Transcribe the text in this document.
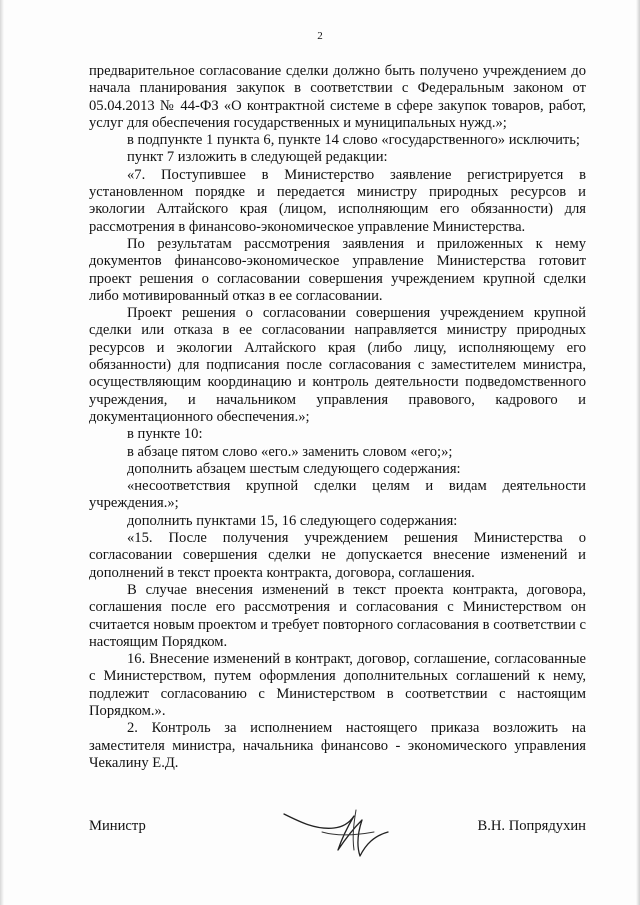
2

предварительное согласование сделки должно быть получено учреждением до начала планирования закупок в соответствии с Федеральным законом от 05.04.2013 № 44-ФЗ «О контрактной системе в сфере закупок товаров, работ, услуг для обеспечения государственных и муниципальных нужд.»;

в подпункте 1 пункта 6, пункте 14 слово «государственного» исключить;

пункт 7 изложить в следующей редакции:

«7. Поступившее в Министерство заявление регистрируется в установленном порядке и передается министру природных ресурсов и экологии Алтайского края (лицом, исполняющим его обязанности) для рассмотрения в финансово-экономическое управление Министерства.

По результатам рассмотрения заявления и приложенных к нему документов финансово-экономическое управление Министерства готовит проект решения о согласовании совершения учреждением крупной сделки либо мотивированный отказ в ее согласовании.

Проект решения о согласовании совершения учреждением крупной сделки или отказа в ее согласовании направляется министру природных ресурсов и экологии Алтайского края (либо лицу, исполняющему его обязанности) для подписания после согласования с заместителем министра, осуществляющим координацию и контроль деятельности подведомственного учреждения, и начальником управления правового, кадрового и документационного обеспечения.»;

в пункте 10:

в абзаце пятом слово «его.» заменить словом «его;»;

дополнить абзацем шестым следующего содержания:

«несоответствия крупной сделки целям и видам деятельности учреждения.»;

дополнить пунктами 15, 16 следующего содержания:

«15. После получения учреждением решения Министерства о согласовании совершения сделки не допускается внесение изменений и дополнений в текст проекта контракта, договора, соглашения.

В случае внесения изменений в текст проекта контракта, договора, соглашения после его рассмотрения и согласования с Министерством он считается новым проектом и требует повторного согласования в соответствии с настоящим Порядком.

16. Внесение изменений в контракт, договор, соглашение, согласованные с Министерством, путем оформления дополнительных соглашений к нему, подлежит согласованию с Министерством в соответствии с настоящим Порядком.».

2. Контроль за исполнением настоящего приказа возложить на заместителя министра, начальника финансово - экономического управления Чекалину Е.Д.

Министр	В.Н. Попрядухин
